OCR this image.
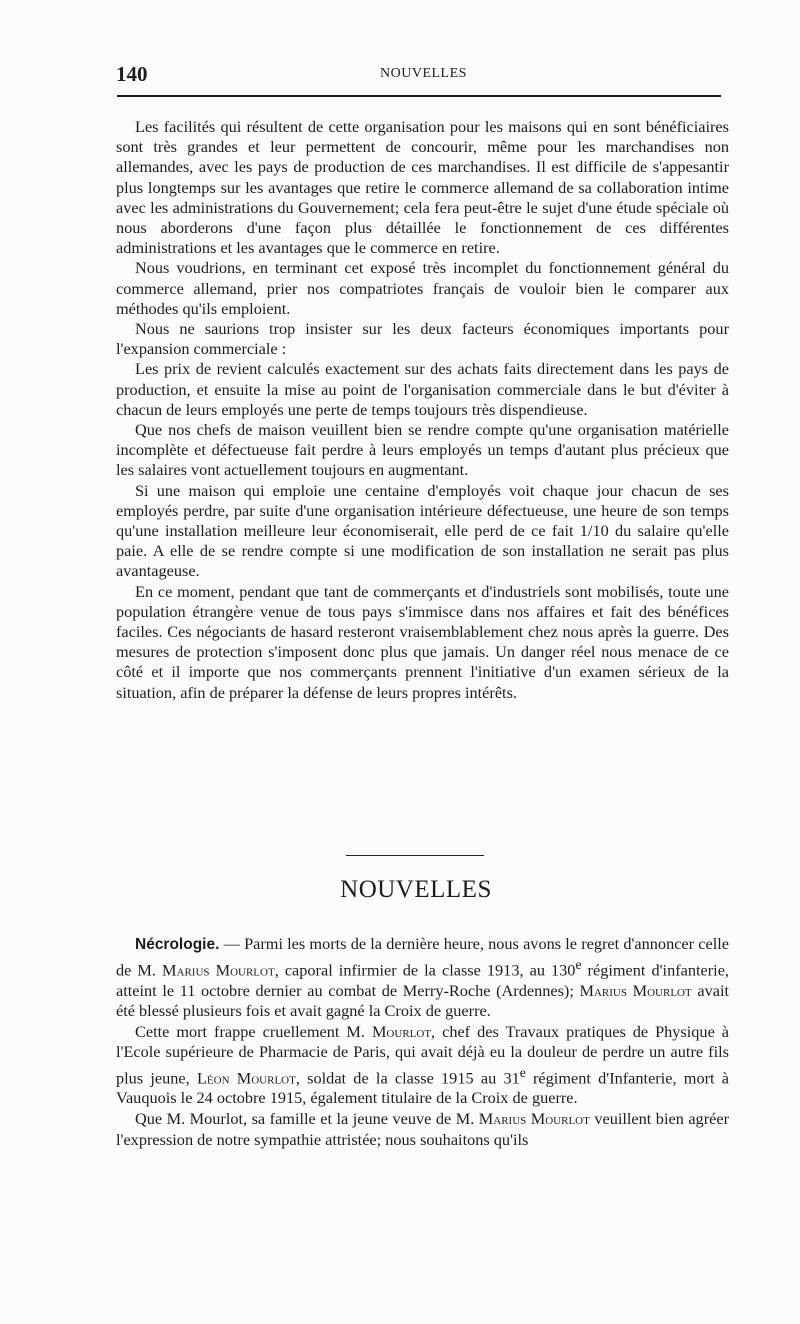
140	NOUVELLES

Les facilités qui résultent de cette organisation pour les maisons qui en sont bénéficiaires sont très grandes et leur permettent de concourir, même pour les marchandises non allemandes, avec les pays de production de ces marchandises. Il est difficile de s'appesantir plus longtemps sur les avantages que retire le commerce allemand de sa collaboration intime avec les administrations du Gouvernement; cela fera peut-être le sujet d'une étude spéciale où nous aborderons d'une façon plus détaillée le fonctionnement de ces différentes administrations et les avantages que le commerce en retire.

Nous voudrions, en terminant cet exposé très incomplet du fonctionnement général du commerce allemand, prier nos compatriotes français de vouloir bien le comparer aux méthodes qu'ils emploient.

Nous ne saurions trop insister sur les deux facteurs économiques importants pour l'expansion commerciale :

Les prix de revient calculés exactement sur des achats faits directement dans les pays de production, et ensuite la mise au point de l'organisation commerciale dans le but d'éviter à chacun de leurs employés une perte de temps toujours très dispendieuse.

Que nos chefs de maison veuillent bien se rendre compte qu'une organisation matérielle incomplète et défectueuse fait perdre à leurs employés un temps d'autant plus précieux que les salaires vont actuellement toujours en augmentant.

Si une maison qui emploie une centaine d'employés voit chaque jour chacun de ses employés perdre, par suite d'une organisation intérieure défectueuse, une heure de son temps qu'une installation meilleure leur économiserait, elle perd de ce fait 1/10 du salaire qu'elle paie. A elle de se rendre compte si une modification de son installation ne serait pas plus avantageuse.

En ce moment, pendant que tant de commerçants et d'industriels sont mobilisés, toute une population étrangère venue de tous pays s'immisce dans nos affaires et fait des bénéfices faciles. Ces négociants de hasard resteront vraisemblablement chez nous après la guerre. Des mesures de protection s'imposent donc plus que jamais. Un danger réel nous menace de ce côté et il importe que nos commerçants prennent l'initiative d'un examen sérieux de la situation, afin de préparer la défense de leurs propres intérêts.

NOUVELLES

Nécrologie. — Parmi les morts de la dernière heure, nous avons le regret d'annoncer celle de M. Marius Mourlot, caporal infirmier de la classe 1913, au 130e régiment d'infanterie, atteint le 11 octobre dernier au combat de Merry-Roche (Ardennes); Marius Mourlot avait été blessé plusieurs fois et avait gagné la Croix de guerre.

Cette mort frappe cruellement M. Mourlot, chef des Travaux pratiques de Physique à l'Ecole supérieure de Pharmacie de Paris, qui avait déjà eu la douleur de perdre un autre fils plus jeune, Léon Mourlot, soldat de la classe 1915 au 31e régiment d'Infanterie, mort à Vauquois le 24 octobre 1915, également titulaire de la Croix de guerre.

Que M. Mourlot, sa famille et la jeune veuve de M. Marius Mourlot veuillent bien agréer l'expression de notre sympathie attristée; nous souhaitons qu'ils
